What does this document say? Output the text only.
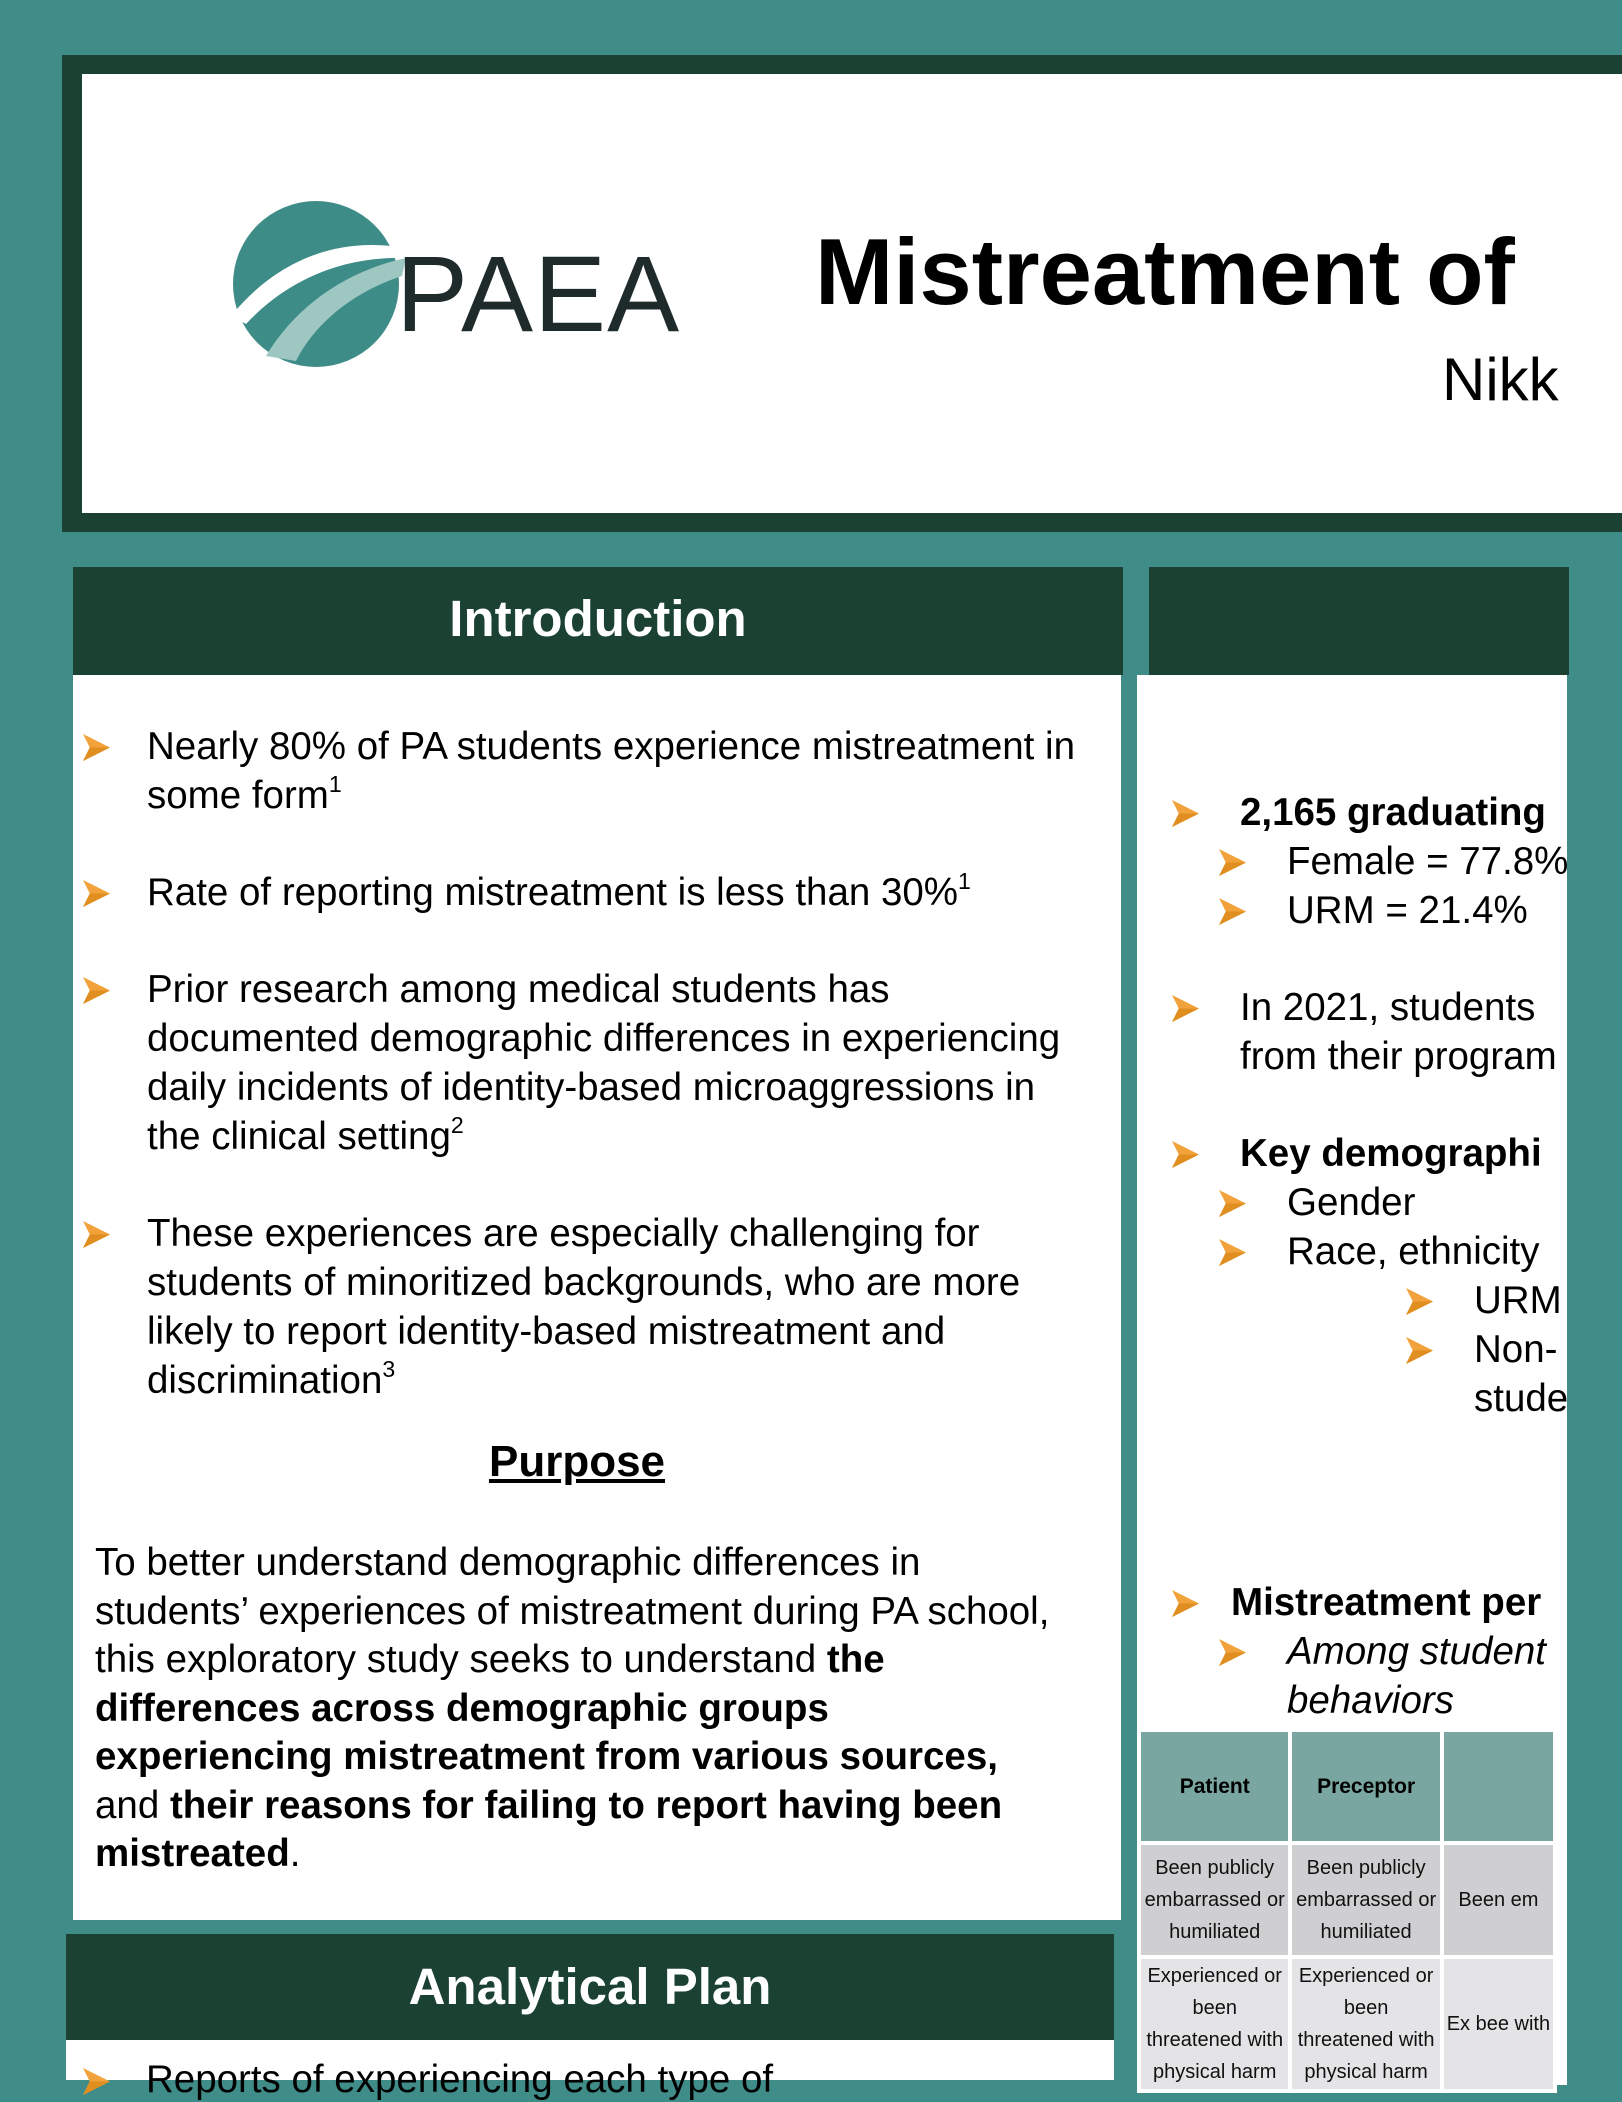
PAEA Mistreatment of
Nikk
Introduction
Nearly 80% of PA students experience mistreatment in some form$^1$
Rate of reporting mistreatment is less than 30%$^1$
Prior research among medical students has documented demographic differences in experiencing daily incidents of identity-based microaggressions in the clinical setting$^2$
These experiences are especially challenging for students of minoritized backgrounds, who are more likely to report identity-based mistreatment and discrimination$^3$
Purpose
To better understand demographic differences in students’ experiences of mistreatment during PA school, this exploratory study seeks to understand the differences across demographic groups experiencing mistreatment from various sources, and their reasons for failing to report having been mistreated.
Analytical Plan
Reports of experiencing each type of
2,165 graduating
Female = 77.8%
URM = 21.4%
In 2021, students
from their program
Key demographi
Gender
Race, ethnicity
URM
Non-
stude
Mistreatment per
Among student
behaviors
Patient	Preceptor	
Been publicly embarrassed or humiliated	Been publicly embarrassed or humiliated	Been em
Experienced or been threatened with physical harm	Experienced or been threatened with physical harm	Ex bee with
